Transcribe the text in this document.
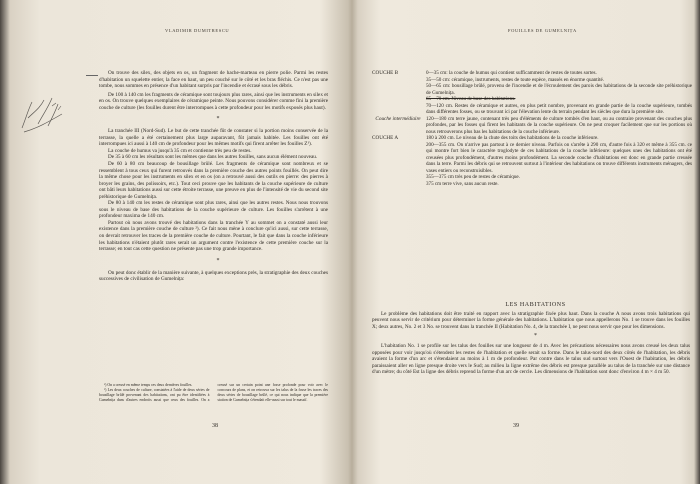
VLADIMIR DUMITRESCU

On trouve des silex, des objets en os, un fragment de hache-marteau en pierre polie. Parmi les restes d'habitation un squelette entier, la face en haut, un peu couché sur le côté et les bras fléchis. Ce n'est pas une tombe, nous sommes en présence d'un habitant surpris par l'incendie et écrasé sous les débris.

De 100 à 140 cm les fragments de céramique sont toujours plus rares, ainsi que les instruments en silex et en os. On trouve quelques exemplaires de céramique peinte. Nous pouvons considérer comme fini la première couche de culture (les fouilles durent être interrompues à cette profondeur pour les motifs exposés plus haut).

*

La tranchée III (Nord-Sud). Le but de cette tranchée fût de constater si la portion moins conservée de la terrasse, la quelle a été certainement plus large auparavant, fût jamais habitée. Les fouilles ont été interrompues ici aussi à 140 cm de profondeur pour les mêmes motifs qui firent arrêter les fouilles Z¹).

La couche de humus va jusqu'à 35 cm et contienne très peu de restes.

De 35 à 60 cm les résultats sont les mêmes que dans les autres fouilles, sans aucun élément nouveau.

De 60 à 80 cm beaucoup de bousillage brûlé. Les fragments de céramique sont nombreux et se ressemblent à tous ceux qui furent retrouvés dans la première couche des autres points fouillés. On peut dire la même chose pour les instruments en silex et en os (on a retrouvé aussi des outils en pierre: des pierres à broyer les grains, des polissoirs, etc.). Tout ceci prouve que les habitants de la couche supérieure de culture ont bâti leurs habitations aussi sur cette étroite terrasse, une preuve en plus de l'intensité de vie du second site préhistorique de Gumelnița.

De 80 à 140 cm les restes de céramique sont plus rares, ainsi que les autres restes. Nous nous trouvons sous le niveau de base des habitations de la couche supérieure de culture. Les fouilles s'arrêtent à une profondeur maxima de 140 cm.

Partout où nous avons trouvé des habitations dans la tranchée Y au sommet on a constaté aussi leur existence dans la première couche de culture ²). Ce fait nous mène à conclure qu'ici aussi, sur cette terrasse, on devrait retrouver les traces de la première couche de culture. Pourtant, le fait que dans la couche inférieure les habitations n'étaient plutôt rares serait un argument contre l'existence de cette première couche sur la terrasse; en tout cas cette question ne présente pas une trop grande importance.

*

On peut donc établir de la manière suivante, à quelques exceptions près, la stratigraphie des deux couches successives de civilisation de Gumelnița:

¹) On a creusé en même temps ces deux dernières fouilles.

²) Les deux couches de culture, constatées à l'aide de deux séries de bousillage brûlé provenant des habitations, ont pu être identifiées à Gumelnița dans d'autres endroits aussi que ceux des fouilles. On a creusé sur un certain point une fosse profonde pour voir avec le concours de plans, et on retrouva sur les talus de la fosse les traces des deux séries de bousillage brûlé, ce qui nous indique que la première station de Gumelnița s'étendait elle-aussi sur tout le massif.

38
FOUILLES DE GUMELNIȚA
COUCHE B	0—35 cm: la couche de humus qui contient sufficamment de restes de toutes sortes.
35—50 cm: céramique, instruments, restes de toute espèce, massés en énorme quantité.
50—65 cm: bousillage brûlé, provenu de l'incendie et de l'écroulement des parois des habitations de la seconde site préhistorique de Gumelnița.
65—70 cm. Niveau de base des habitations.
70—120 cm. Restes de céramique et autres, en plus petit nombre, provenant en grande partie de la couche supérieure, tombés dans différentes fosses, ou se trouvant ici par l'élevation lente du terrain pendant les siècles que dura la première site.
Couche intermédiaire	120—180 cm terre jaune, contenant très peu d'éléments de culture tombés d'en haut, ou au contraire provenant des couches plus profondes, par les fosses qui firent les habitants de la couche supérieure. On ne peut croquer facilement que sur les portions où nous retrouverons plus bas les habitations de la couche inférieure.
COUCHE A	180 à 200 cm. Le niveau de la chute des toits des habitations de la couche inférieure.
200—355 cm. On n'arrive pas partout à ce dernier niveau. Parfois on s'arrête à 290 cm, d'autre fois à 320 et même à 355 cm. ce qui montre fort bien le caractère troglodyte de ces habitations de la couche inférieure: quelques unes des habitations ont été creusées plus profondément, d'autres moins profondément. La seconde couche d'habitations est donc en grande partie creusée dans la terre. Parmi les débris qui se retrouvent surtout à l'intérieur des habitations on trouve différents instruments ménagers, des vases entiers ou reconstruisibles.
355—375 cm très peu de restes de céramique.
375 cm terre vive, sans aucun reste.

LES HABITATIONS

Le problème des habitations doit être traité en rapport avec la stratigraphie fixée plus haut. Dans la couche A nous avons trois habitations qui peuvent nous servir de critérium pour déterminer la forme générale des habitations. L'habitation que nous appellerons No. 1 se trouve dans les fouilles X; deux autres, No. 2 et 3 No. se trouvent dans la tranchée II (Habitation No. 4, de la tranchée I, ne peut nous servir que pour les dimensions.

*

L'habitation No. 1 se profile sur les talus des fouilles sur une longueur de 4 m. Avec les précautions nécessaires nous avons creusé les deux talus opposées pour voir jusqu'où s'étendent les restes de l'habitation et quelle serait sa forme. Dans le talus-nord des deux côtés de l'habitation, les débris avaient la forme d'un arc et s'étendaient au moins à 1 m de profondeur. Par contre dans le talus sud surtout vers l'Ouest de l'habitation, les débris paraissaient aller en ligne presque droite vers le Sud; au milieu la ligne extrême des débris est presque parallèle au talus de la tranchée sur une distance d'un mètre; du côté Est la ligne des débris reprend la forme d'un arc de cercle. Les dimensions de l'habitation sont donc d'environ 4 m × 4 m 50.

39
